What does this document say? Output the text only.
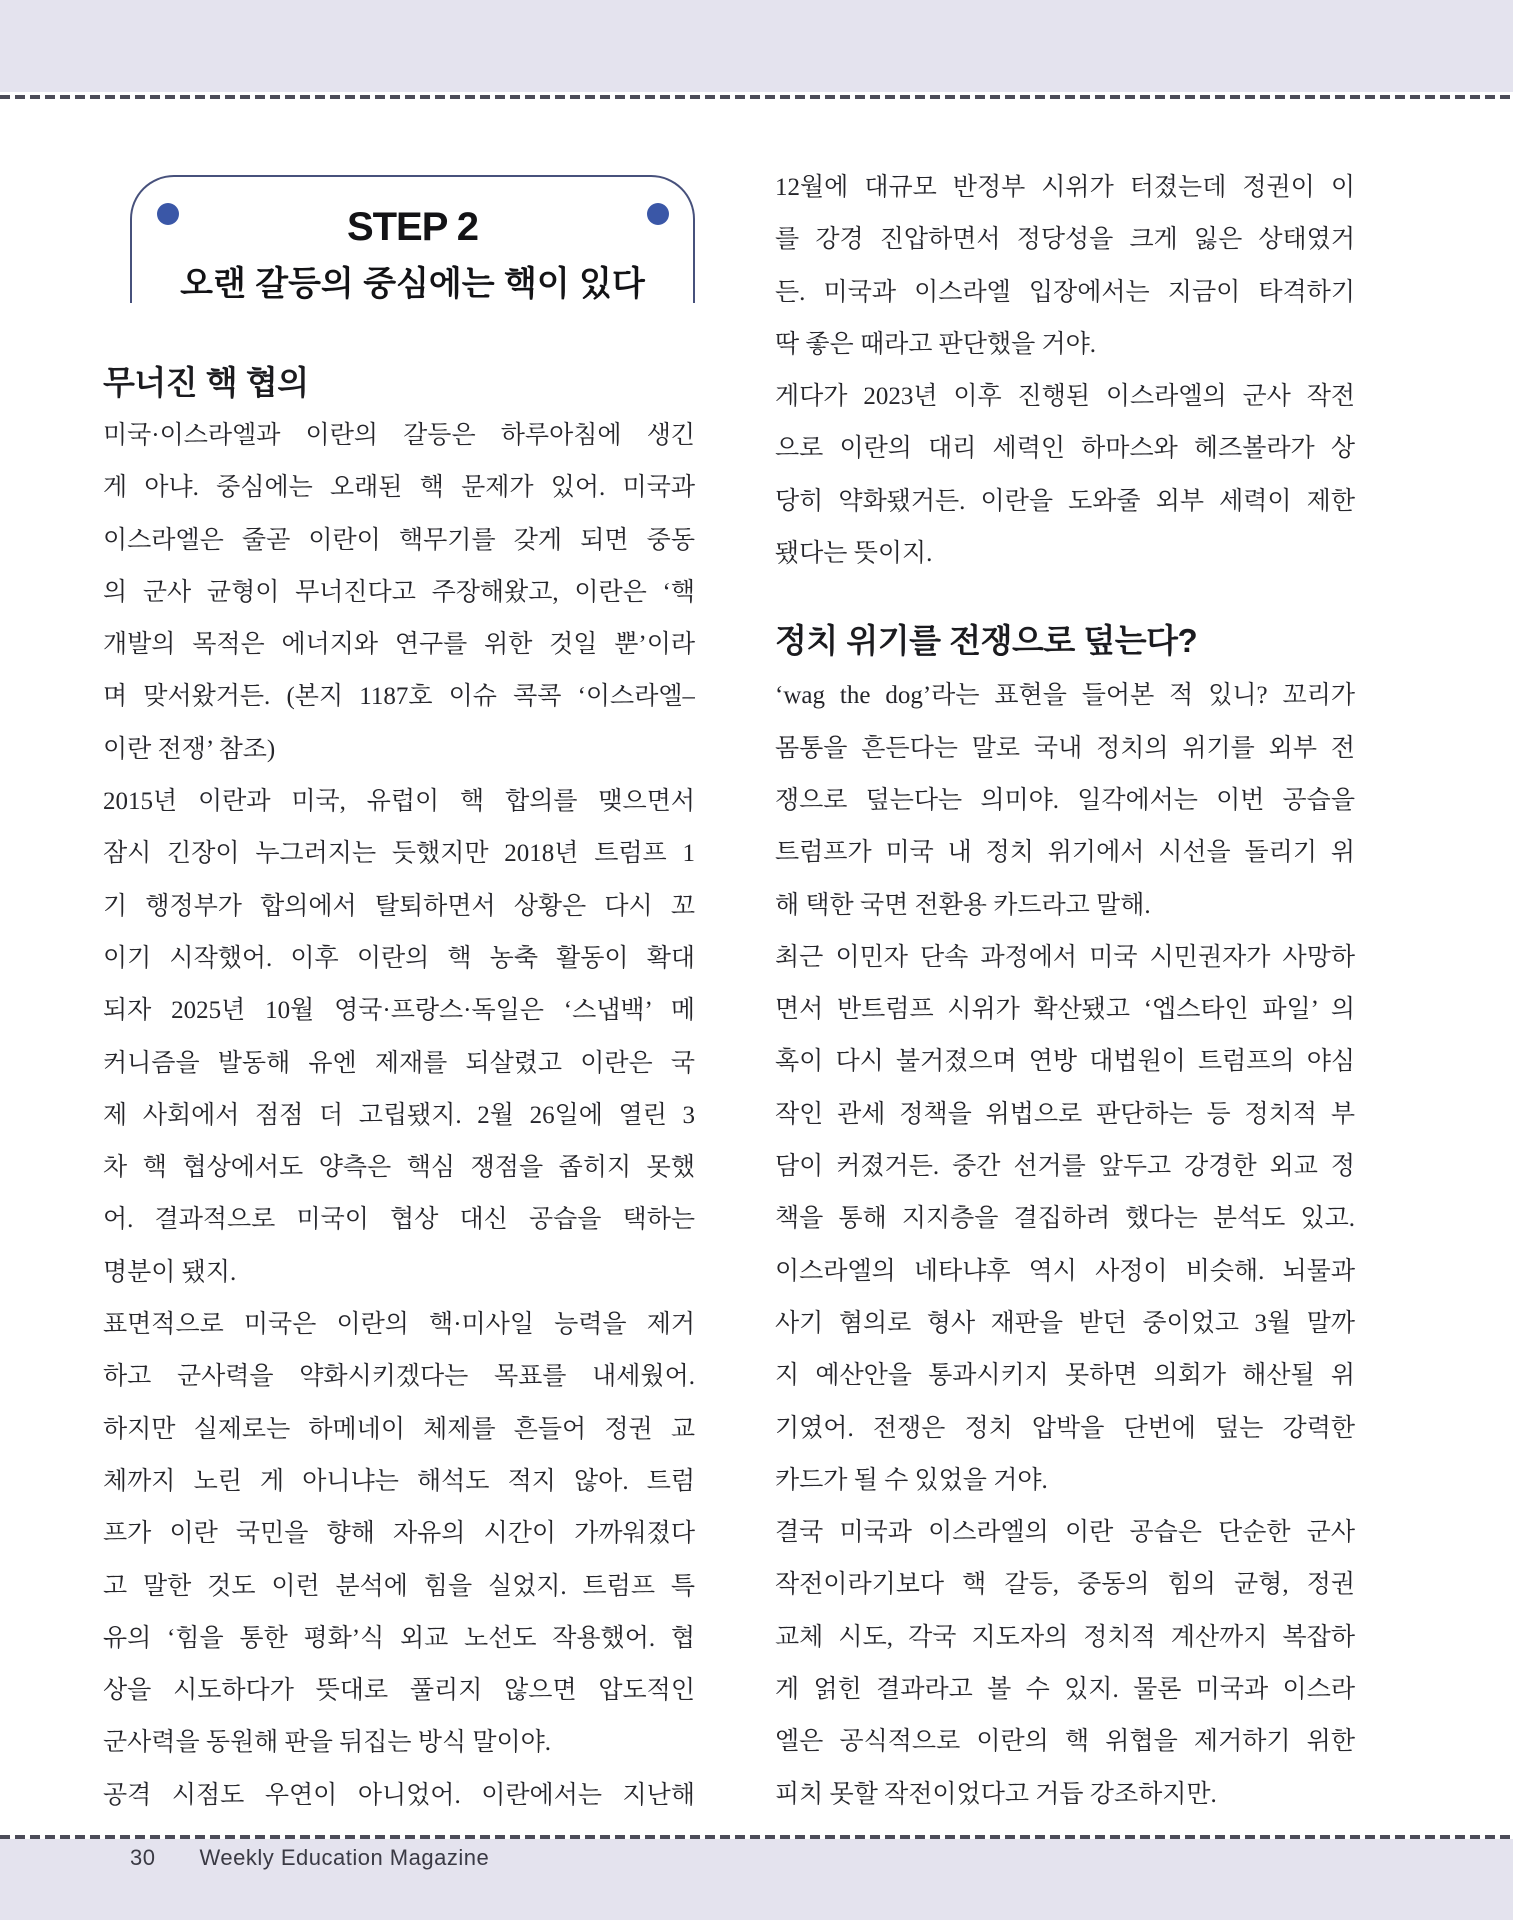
STEP 2
오랜 갈등의 중심에는 핵이 있다
무너진 핵 협의
미국·이스라엘과 이란의 갈등은 하루아침에 생긴
게 아냐. 중심에는 오래된 핵 문제가 있어. 미국과
이스라엘은 줄곧 이란이 핵무기를 갖게 되면 중동
의 군사 균형이 무너진다고 주장해왔고, 이란은 ‘핵
개발의 목적은 에너지와 연구를 위한 것일 뿐’이라
며 맞서왔거든. (본지 1187호 이슈 콕콕 ‘이스라엘–
이란 전쟁’ 참조)
2015년 이란과 미국, 유럽이 핵 합의를 맺으면서
잠시 긴장이 누그러지는 듯했지만 2018년 트럼프 1
기 행정부가 합의에서 탈퇴하면서 상황은 다시 꼬
이기 시작했어. 이후 이란의 핵 농축 활동이 확대
되자 2025년 10월 영국·프랑스·독일은 ‘스냅백’ 메
커니즘을 발동해 유엔 제재를 되살렸고 이란은 국
제 사회에서 점점 더 고립됐지. 2월 26일에 열린 3
차 핵 협상에서도 양측은 핵심 쟁점을 좁히지 못했
어. 결과적으로 미국이 협상 대신 공습을 택하는
명분이 됐지.
표면적으로 미국은 이란의 핵·미사일 능력을 제거
하고 군사력을 약화시키겠다는 목표를 내세웠어.
하지만 실제로는 하메네이 체제를 흔들어 정권 교
체까지 노린 게 아니냐는 해석도 적지 않아. 트럼
프가 이란 국민을 향해 자유의 시간이 가까워졌다
고 말한 것도 이런 분석에 힘을 실었지. 트럼프 특
유의 ‘힘을 통한 평화’식 외교 노선도 작용했어. 협
상을 시도하다가 뜻대로 풀리지 않으면 압도적인
군사력을 동원해 판을 뒤집는 방식 말이야.
공격 시점도 우연이 아니었어. 이란에서는 지난해
12월에 대규모 반정부 시위가 터졌는데 정권이 이
를 강경 진압하면서 정당성을 크게 잃은 상태였거
든. 미국과 이스라엘 입장에서는 지금이 타격하기
딱 좋은 때라고 판단했을 거야.
게다가 2023년 이후 진행된 이스라엘의 군사 작전
으로 이란의 대리 세력인 하마스와 헤즈볼라가 상
당히 약화됐거든. 이란을 도와줄 외부 세력이 제한
됐다는 뜻이지.
정치 위기를 전쟁으로 덮는다?
‘wag the dog’라는 표현을 들어본 적 있니? 꼬리가
몸통을 흔든다는 말로 국내 정치의 위기를 외부 전
쟁으로 덮는다는 의미야. 일각에서는 이번 공습을
트럼프가 미국 내 정치 위기에서 시선을 돌리기 위
해 택한 국면 전환용 카드라고 말해.
최근 이민자 단속 과정에서 미국 시민권자가 사망하
면서 반트럼프 시위가 확산됐고 ‘엡스타인 파일’ 의
혹이 다시 불거졌으며 연방 대법원이 트럼프의 야심
작인 관세 정책을 위법으로 판단하는 등 정치적 부
담이 커졌거든. 중간 선거를 앞두고 강경한 외교 정
책을 통해 지지층을 결집하려 했다는 분석도 있고.
이스라엘의 네타냐후 역시 사정이 비슷해. 뇌물과
사기 혐의로 형사 재판을 받던 중이었고 3월 말까
지 예산안을 통과시키지 못하면 의회가 해산될 위
기였어. 전쟁은 정치 압박을 단번에 덮는 강력한
카드가 될 수 있었을 거야.
결국 미국과 이스라엘의 이란 공습은 단순한 군사
작전이라기보다 핵 갈등, 중동의 힘의 균형, 정권
교체 시도, 각국 지도자의 정치적 계산까지 복잡하
게 얽힌 결과라고 볼 수 있지. 물론 미국과 이스라
엘은 공식적으로 이란의 핵 위협을 제거하기 위한
피치 못할 작전이었다고 거듭 강조하지만.
30 Weekly Education Magazine
